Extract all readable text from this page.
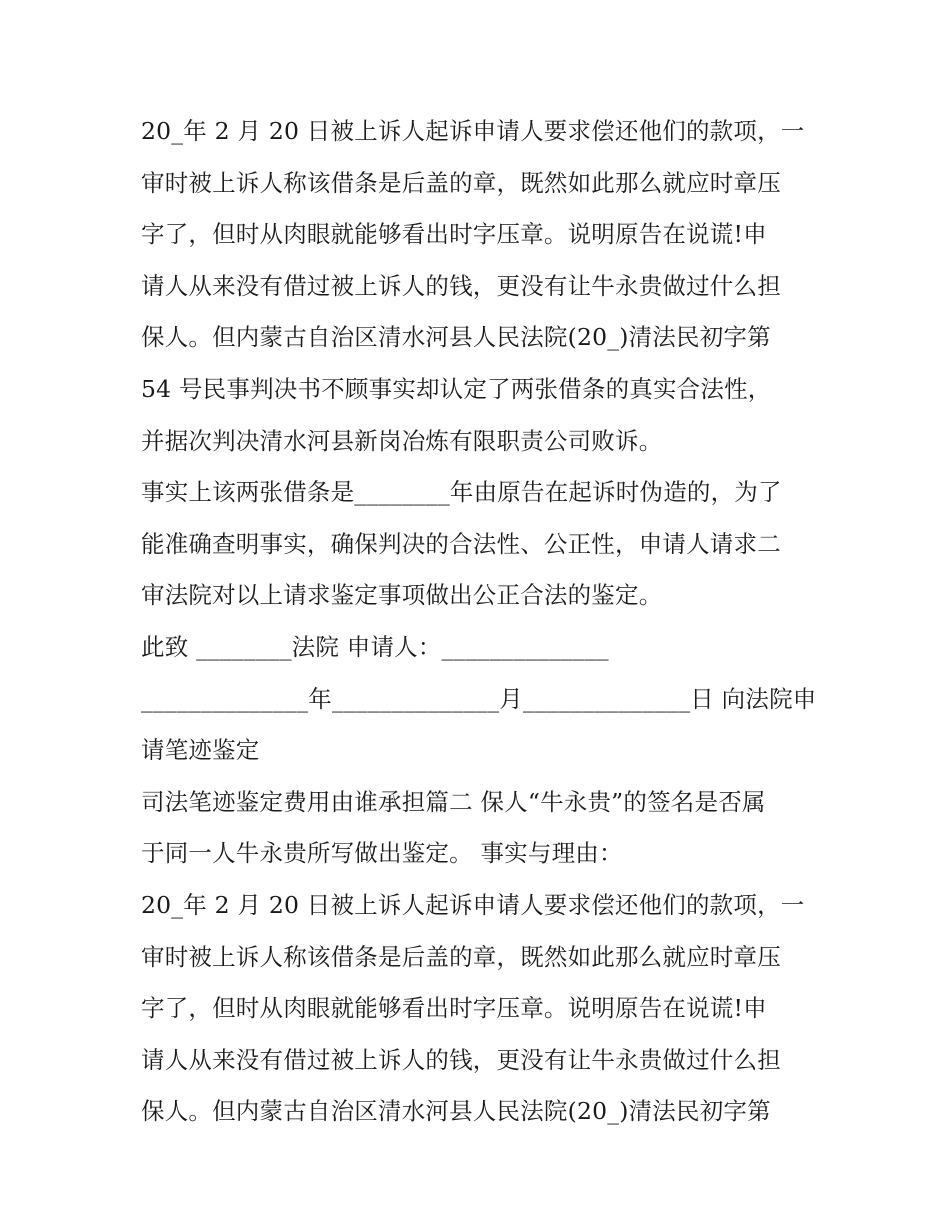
20_年 2 月 20 日被上诉人起诉申请人要求偿还他们的款项，一
审时被上诉人称该借条是后盖的章，既然如此那么就应时章压
字了，但时从肉眼就能够看出时字压章。说明原告在说谎!申
请人从来没有借过被上诉人的钱，更没有让牛永贵做过什么担
保人。但内蒙古自治区清水河县人民法院(20_)清法民初字第
54 号民事判决书不顾事实却认定了两张借条的真实合法性，
并据次判决清水河县新岗冶炼有限职责公司败诉。
事实上该两张借条是________年由原告在起诉时伪造的，为了
能准确查明事实，确保判决的合法性、公正性，申请人请求二
审法院对以上请求鉴定事项做出公正合法的鉴定。
此致 ________法院 申请人：______________
______________年______________月______________日 向法院申
请笔迹鉴定
司法笔迹鉴定费用由谁承担篇二 保人“牛永贵”的签名是否属
于同一人牛永贵所写做出鉴定。 事实与理由：
20_年 2 月 20 日被上诉人起诉申请人要求偿还他们的款项，一
审时被上诉人称该借条是后盖的章，既然如此那么就应时章压
字了，但时从肉眼就能够看出时字压章。说明原告在说谎!申
请人从来没有借过被上诉人的钱，更没有让牛永贵做过什么担
保人。但内蒙古自治区清水河县人民法院(20_)清法民初字第
